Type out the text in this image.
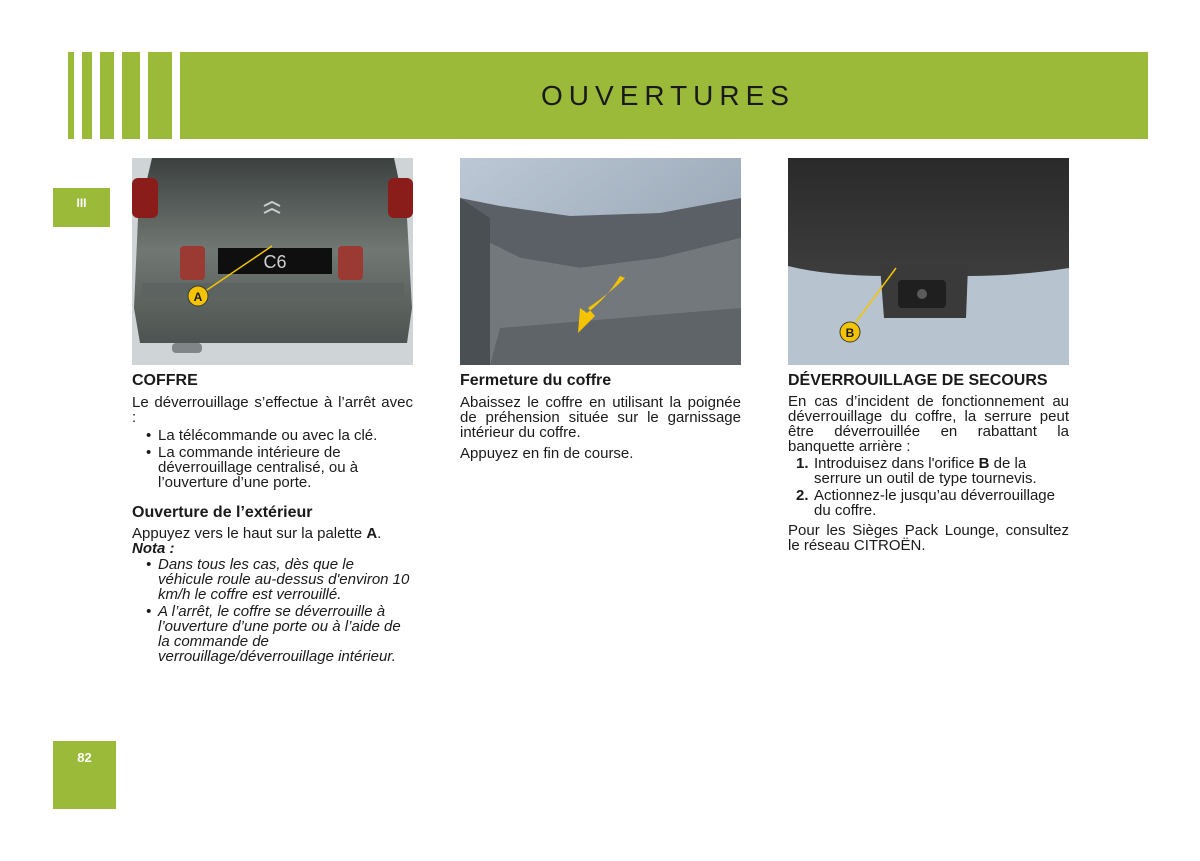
OUVERTURES
III
82
C6
A
B
COFFRE

Le déverrouillage s’effectue à l’arrêt avec :

• La télécommande ou avec la clé.
• La commande intérieure de déverrouillage centralisé, ou à l’ouverture d’une porte.
Ouverture de l’extérieur

Appuyez vers le haut sur la palette A.

Nota :

• Dans tous les cas, dès que le véhicule roule au-dessus d'environ 10 km/h le coffre est verrouillé.
• A l’arrêt, le coffre se déverrouille à l’ouverture d’une porte ou à l’aide de la commande de verrouillage/déverrouillage intérieur.
Fermeture du coffre

Abaissez le coffre en utilisant la poignée de préhension située sur le garnissage intérieur du coffre.

Appuyez en fin de course.

DÉVERROUILLAGE DE SECOURS

En cas d’incident de fonctionnement au déverrouillage du coffre, la serrure peut être déverrouillée en rabattant la banquette arrière :

1. Introduisez dans l'orifice B de la serrure un outil de type tournevis.
2. Actionnez-le jusqu’au déverrouillage du coffre.

Pour les Sièges Pack Lounge, consultez le réseau CITROËN.
